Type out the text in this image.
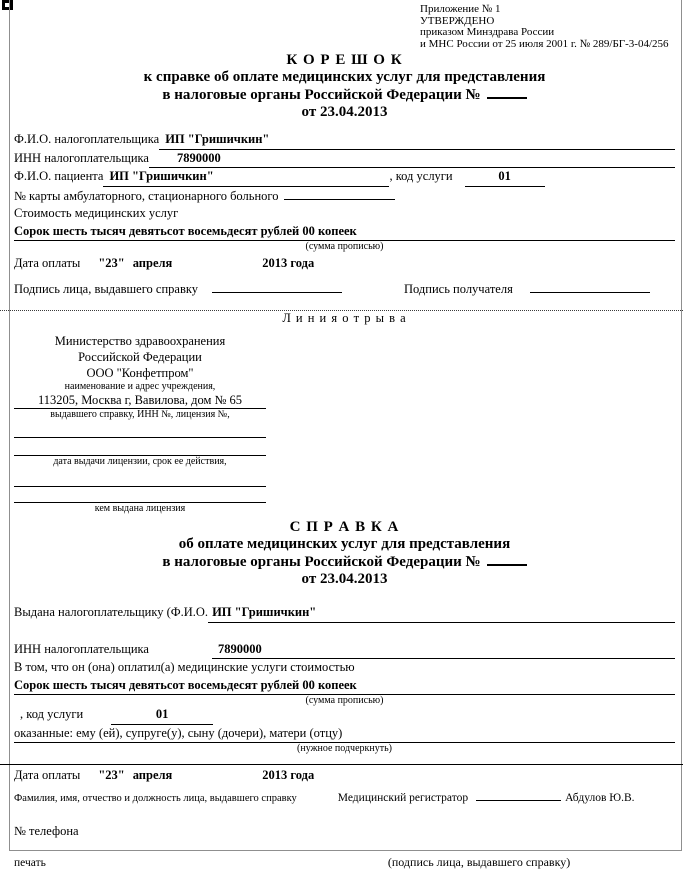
Приложение № 1
УТВЕРЖДЕНО
приказом Минздрава России
и МНС России от 25 июля 2001 г. № 289/БГ-3-04/256
К О Р Е Ш О К
к справке об оплате медицинских услуг для представления
в налоговые органы Российской Федерации №
от 23.04.2013
Ф.И.О. налогоплательщика ИП "Гришичкин"
ИНН налогоплательщика	7890000
Ф.И.О. пациента ИП "Гришичкин"	, код услуги	01
№ карты амбулаторного, стационарного больного
Стоимость медицинских услуг
Сорок шесть тысяч девятьсот восемьдесят рублей 00 копеек
(сумма прописью)
Дата оплаты "23" апреля	2013 года
Подпись лица, выдавшего справку	Подпись получателя
Л и н и я о т р ы в а
Министерство здравоохранения
Российской Федерации
ООО "Конфетпром"
наименование и адрес учреждения,
113205, Москва г, Вавилова, дом № 65
выдавшего справку, ИНН №, лицензия №,
дата выдачи лицензии, срок ее действия,
кем выдана лицензия
С П Р А В К А
об оплате медицинских услуг для представления
в налоговые органы Российской Федерации №
от 23.04.2013
Выдана налогоплательщику (Ф.И.О. ИП "Гришичкин"
ИНН налогоплательщика	7890000
В том, что он (она) оплатил(а) медицинские услуги стоимостью
Сорок шесть тысяч девятьсот восемьдесят рублей 00 копеек
(сумма прописью)
, код услуги	01
оказанные: ему (ей), супруге(у), сыну (дочери), матери (отцу)
(нужное подчеркнуть)
Дата оплаты "23" апреля	2013 года
Фамилия, имя, отчество и должность лица, выдавшего справку	Медицинский регистратор	Абдулов Ю.В.
№ телефона
печать	(подпись лица, выдавшего справку)
